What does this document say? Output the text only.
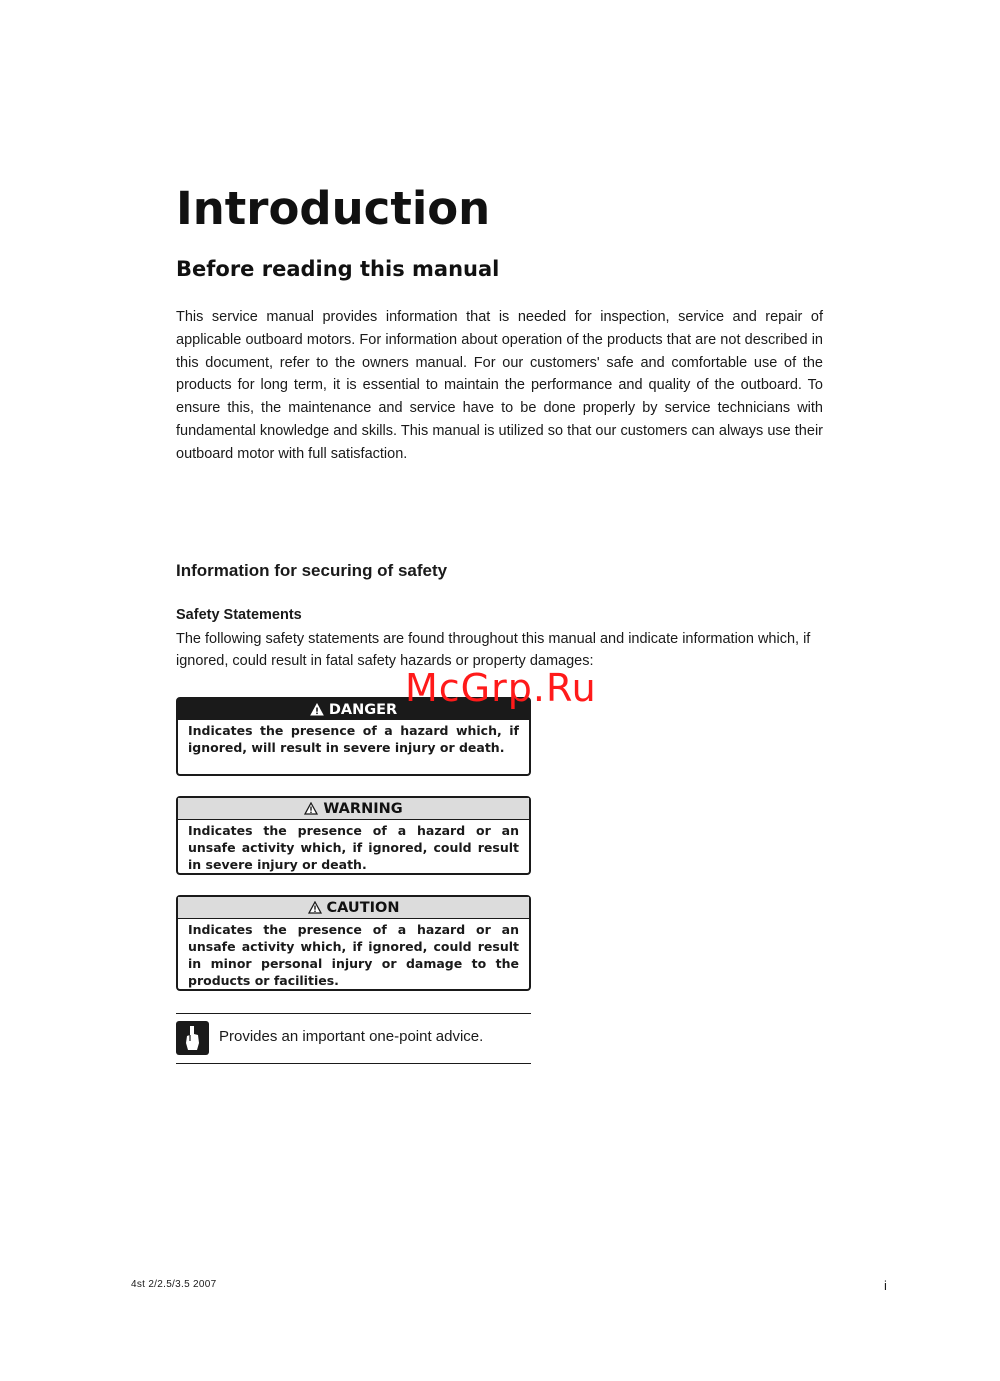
Introduction
Before reading this manual

This service manual provides information that is needed for inspection, service and repair of applicable outboard motors. For information about operation of the products that are not described in this document, refer to the owners manual. For our customers' safe and comfortable use of the products for long term, it is essential to maintain the performance and quality of the outboard. To ensure this, the maintenance and service have to be done properly by service technicians with fundamental knowledge and skills. This manual is utilized so that our customers can always use their outboard motor with full satisfaction.

Information for securing of safety
Safety Statements

The following safety statements are found throughout this manual and indicate information which, if ignored, could result in fatal safety hazards or property damages:

DANGER
Indicates the presence of a hazard which, if ignored, will result in severe injury or death.
WARNING
Indicates the presence of a hazard or an unsafe activity which, if ignored, could result in severe injury or death.
CAUTION
Indicates the presence of a hazard or an unsafe activity which, if ignored, could result in minor personal injury or damage to the products or facilities.

Provides an important one-point advice.

McGrp.Ru
4st 2/2.5/3.5 2007	i
